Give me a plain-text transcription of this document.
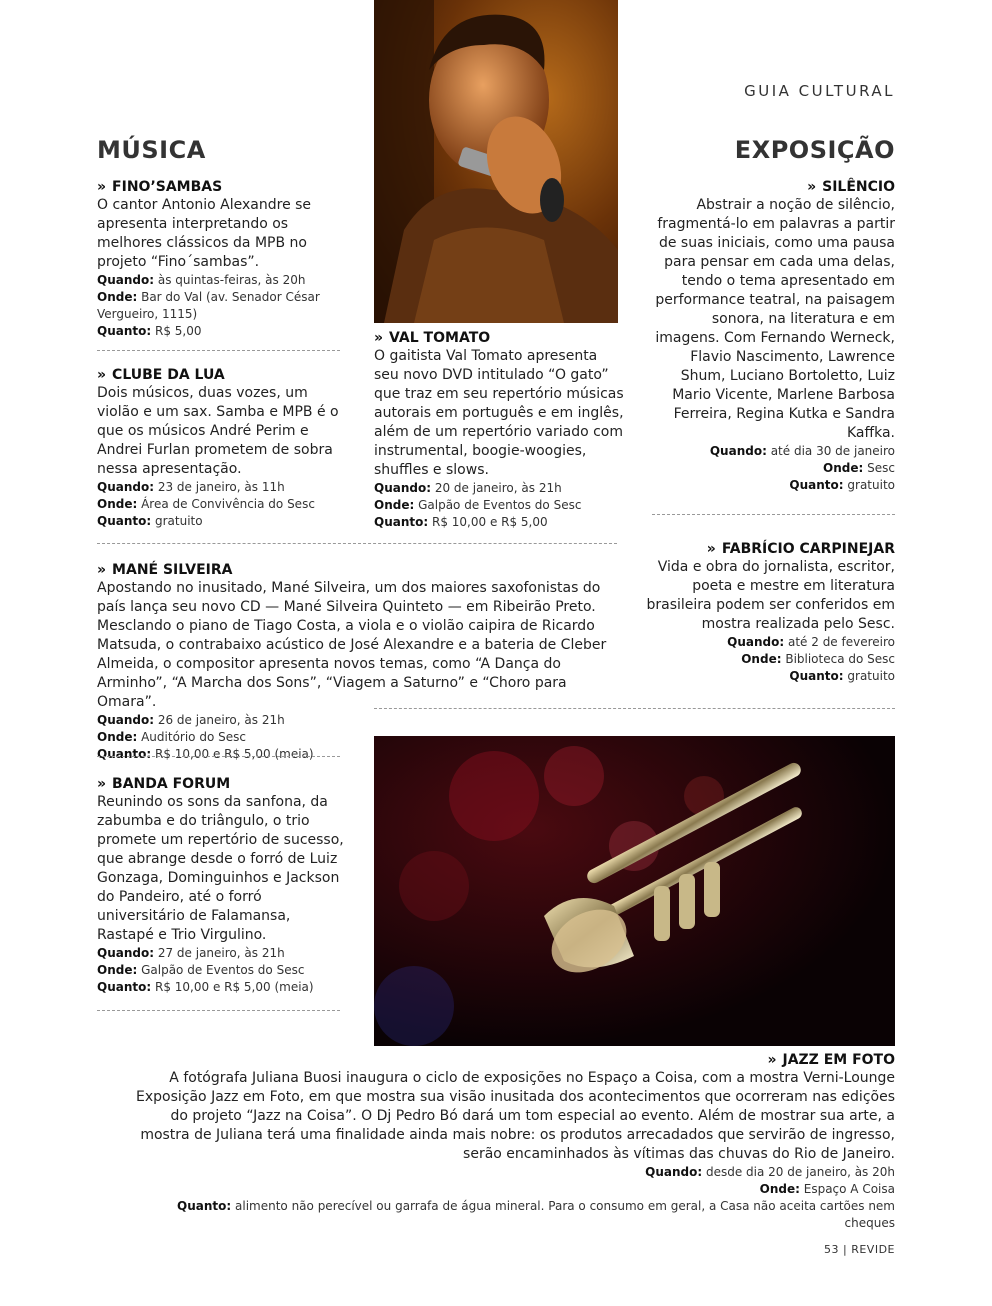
GUIA CULTURAL
MÚSICA	EXPOSIÇÃO
» FINO’SAMBAS
O cantor Antonio Alexandre se apresenta interpretando os melhores clássicos da MPB no projeto “Fino´sambas”.
Quando: às quintas-feiras, às 20h
Onde: Bar do Val (av. Senador César Vergueiro, 1115)
Quanto: R$ 5,00
» CLUBE DA LUA
Dois músicos, duas vozes, um violão e um sax. Samba e MPB é o que os músicos André Perim e Andrei Furlan prometem de sobra nessa apresentação.
Quando: 23 de janeiro, às 11h
Onde: Área de Convivência do Sesc
Quanto: gratuito
» VAL TOMATO
O gaitista Val Tomato apresenta seu novo DVD intitulado “O gato” que traz em seu repertório músicas autorais em português e em inglês, além de um repertório variado com instrumental, boogie-woogies, shuffles e slows.
Quando: 20 de janeiro, às 21h
Onde: Galpão de Eventos do Sesc
Quanto: R$ 10,00 e R$ 5,00
» MANÉ SILVEIRA
Apostando no inusitado, Mané Silveira, um dos maiores saxofonistas do país lança seu novo CD — Mané Silveira Quinteto — em Ribeirão Preto. Mesclando o piano de Tiago Costa, a viola e o violão caipira de Ricardo Matsuda, o contrabaixo acústico de José Alexandre e a bateria de Cleber Almeida, o compositor apresenta novos temas, como “A Dança do Arminho”, “A Marcha dos Sons”, “Viagem a Saturno” e “Choro para Omara”.
Quando: 26 de janeiro, às 21h
Onde: Auditório do Sesc
Quanto: R$ 10,00 e R$ 5,00 (meia)
» BANDA FORUM
Reunindo os sons da sanfona, da zabumba e do triângulo, o trio promete um repertório de sucesso, que abrange desde o forró de Luiz Gonzaga, Dominguinhos e Jackson do Pandeiro, até o forró universitário de Falamansa, Rastapé e Trio Virgulino.
Quando: 27 de janeiro, às 21h
Onde: Galpão de Eventos do Sesc
Quanto: R$ 10,00 e R$ 5,00 (meia)
» SILÊNCIO
Abstrair a noção de silêncio, fragmentá-lo em palavras a partir de suas iniciais, como uma pausa para pensar em cada uma delas, tendo o tema apresentado em performance teatral, na paisagem sonora, na literatura e em imagens. Com Fernando Werneck, Flavio Nascimento, Lawrence Shum, Luciano Bortoletto, Luiz Mario Vicente, Marlene Barbosa Ferreira, Regina Kutka e Sandra Kaffka.
Quando: até dia 30 de janeiro
Onde: Sesc
Quanto: gratuito
» FABRÍCIO CARPINEJAR
Vida e obra do jornalista, escritor, poeta e mestre em literatura brasileira podem ser conferidos em mostra realizada pelo Sesc.
Quando: até 2 de fevereiro
Onde: Biblioteca do Sesc
Quanto: gratuito
» JAZZ EM FOTO
A fotógrafa Juliana Buosi inaugura o ciclo de exposições no Espaço a Coisa, com a mostra Verni-Lounge Exposição Jazz em Foto, em que mostra sua visão inusitada dos acontecimentos que ocorreram nas edições do projeto “Jazz na Coisa”. O Dj Pedro Bó dará um tom especial ao evento. Além de mostrar sua arte, a mostra de Juliana terá uma finalidade ainda mais nobre: os produtos arrecadados que servirão de ingresso, serão encaminhados às vítimas das chuvas do Rio de Janeiro.
Quando: desde dia 20 de janeiro, às 20h
Onde: Espaço A Coisa
Quanto: alimento não perecível ou garrafa de água mineral. Para o consumo em geral, a Casa não aceita cartões nem cheques
53 | REVIDE
